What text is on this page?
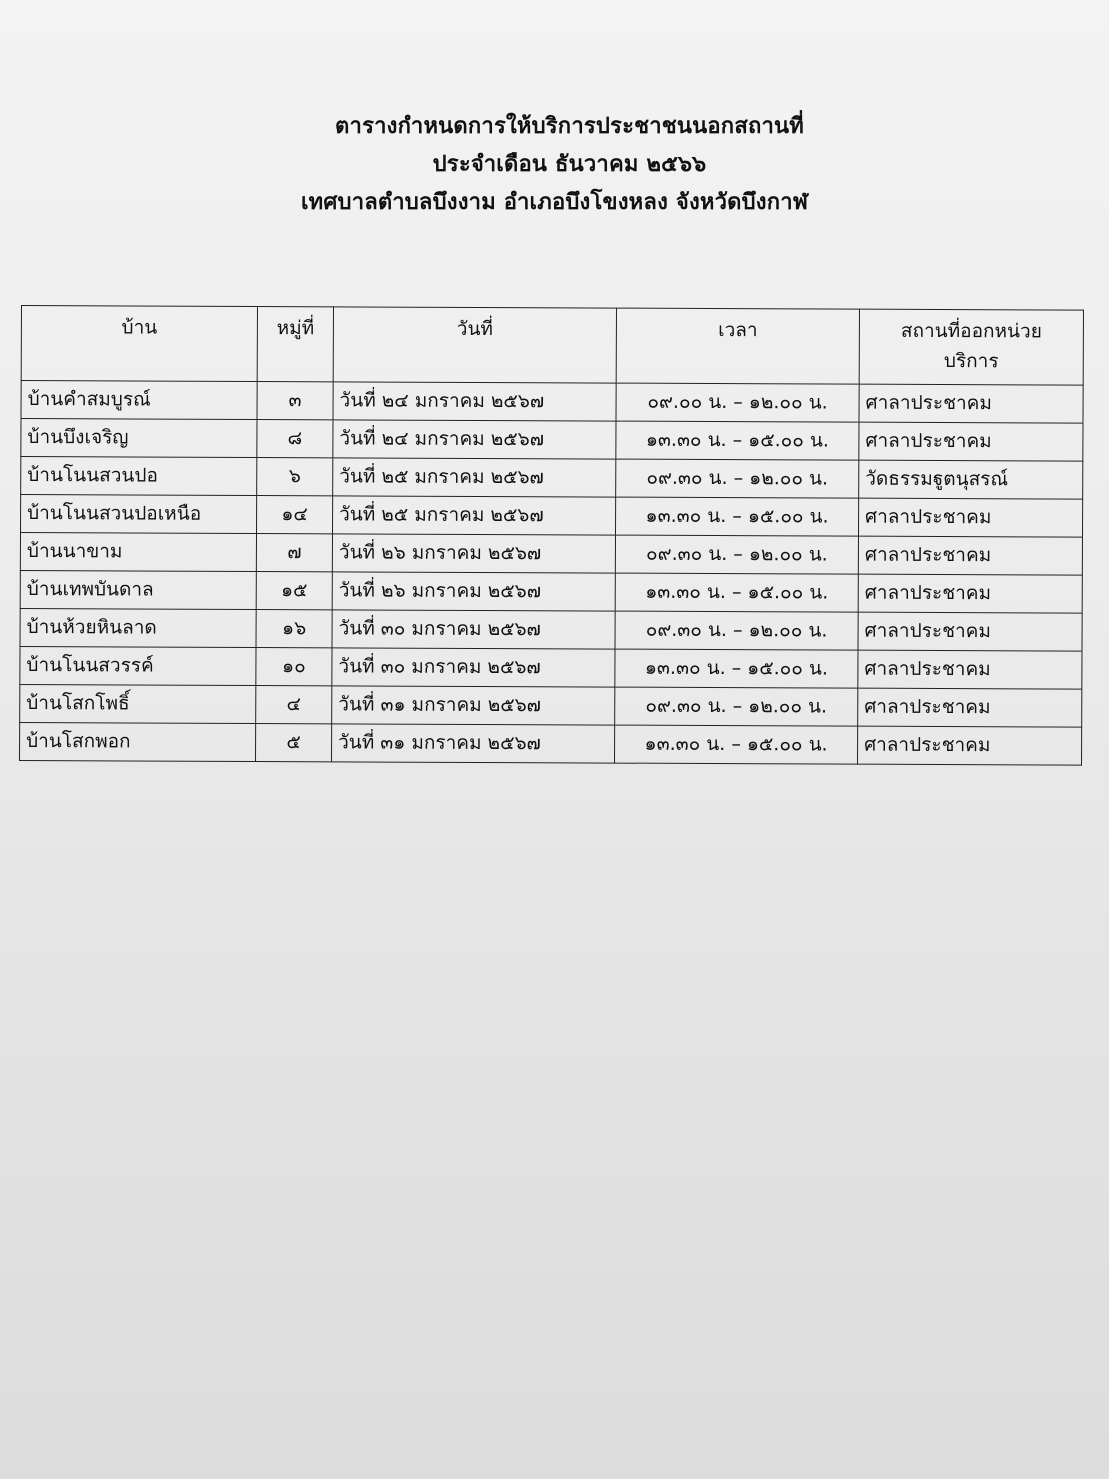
ตารางกำหนดการให้บริการประชาชนนอกสถานที่
ประจำเดือน ธันวาคม ๒๕๖๖
เทศบาลตำบลบึงงาม อำเภอบึงโขงหลง จังหวัดบึงกาฬ
บ้าน	หมู่ที่	วันที่	เวลา	สถานที่ออกหน่วย
บริการ

บ้านคำสมบูรณ์	๓	วันที่ ๒๔ มกราคม ๒๕๖๗	๐๙.๐๐ น. – ๑๒.๐๐ น.	ศาลาประชาคม
บ้านบึงเจริญ	๘	วันที่ ๒๔ มกราคม ๒๕๖๗	๑๓.๓๐ น. – ๑๕.๐๐ น.	ศาลาประชาคม
บ้านโนนสวนปอ	๖	วันที่ ๒๕ มกราคม ๒๕๖๗	๐๙.๓๐ น. – ๑๒.๐๐ น.	วัดธรรมฐูตนุสรณ์
บ้านโนนสวนปอเหนือ	๑๔	วันที่ ๒๕ มกราคม ๒๕๖๗	๑๓.๓๐ น. – ๑๕.๐๐ น.	ศาลาประชาคม
บ้านนาขาม	๗	วันที่ ๒๖ มกราคม ๒๕๖๗	๐๙.๓๐ น. – ๑๒.๐๐ น.	ศาลาประชาคม
บ้านเทพบันดาล	๑๕	วันที่ ๒๖ มกราคม ๒๕๖๗	๑๓.๓๐ น. – ๑๕.๐๐ น.	ศาลาประชาคม
บ้านห้วยหินลาด	๑๖	วันที่ ๓๐ มกราคม ๒๕๖๗	๐๙.๓๐ น. – ๑๒.๐๐ น.	ศาลาประชาคม
บ้านโนนสวรรค์	๑๐	วันที่ ๓๐ มกราคม ๒๕๖๗	๑๓.๓๐ น. – ๑๕.๐๐ น.	ศาลาประชาคม
บ้านโสกโพธิ์	๔	วันที่ ๓๑ มกราคม ๒๕๖๗	๐๙.๓๐ น. – ๑๒.๐๐ น.	ศาลาประชาคม
บ้านโสกพอก	๕	วันที่ ๓๑ มกราคม ๒๕๖๗	๑๓.๓๐ น. – ๑๕.๐๐ น.	ศาลาประชาคม
